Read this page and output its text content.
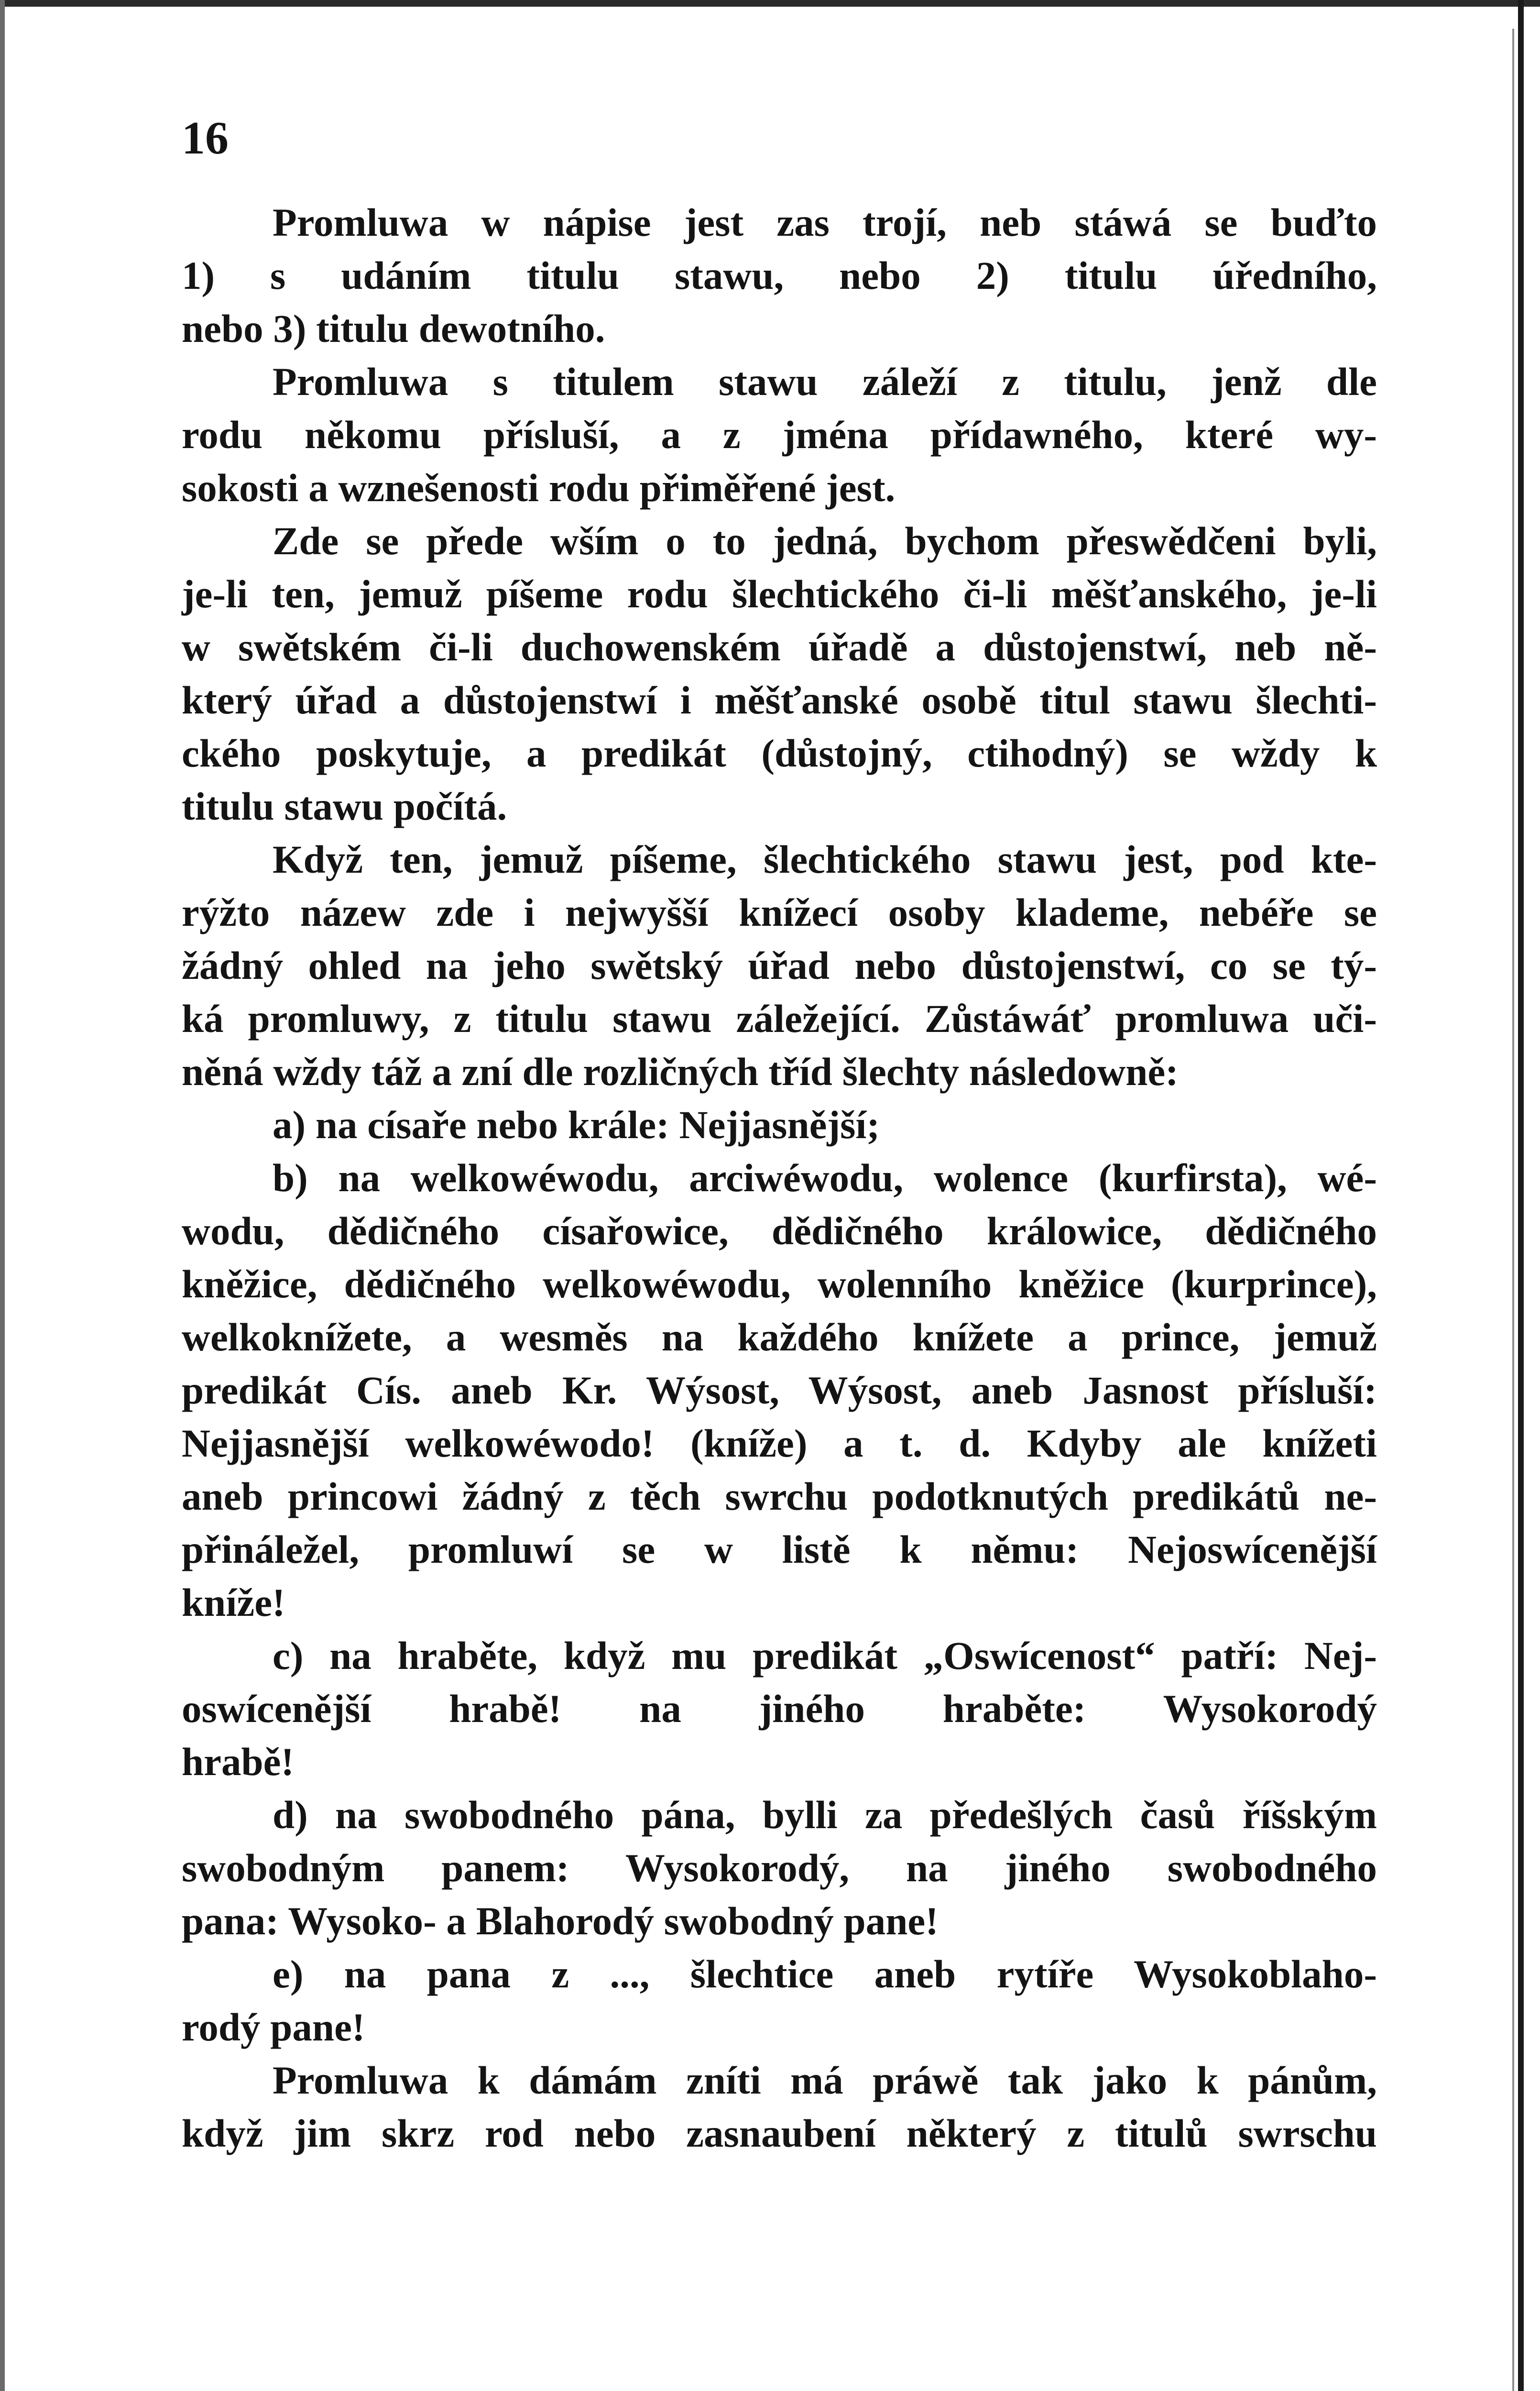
16
Promluwa w nápise jest zas trojí, neb stáwá se buďto
1) s udáním titulu stawu, nebo 2) titulu úředního,
nebo 3) titulu dewotního.
Promluwa s titulem stawu záleží z titulu, jenž dle
rodu někomu přísluší, a z jména přídawného, které wy-
sokosti a wznešenosti rodu přiměřené jest.
Zde se přede wším o to jedná, bychom přeswědčeni byli,
je-li ten, jemuž píšeme rodu šlechtického či-li měšťanského, je-li
w swětském či-li duchowenském úřadě a důstojenstwí, neb ně-
který úřad a důstojenstwí i měšťanské osobě titul stawu šlechti-
ckého poskytuje, a predikát (důstojný, ctihodný) se wždy k
titulu stawu počítá.
Když ten, jemuž píšeme, šlechtického stawu jest, pod kte-
rýžto názew zde i nejwyšší knížecí osoby klademe, nebéře se
žádný ohled na jeho swětský úřad nebo důstojenstwí, co se tý-
ká promluwy, z titulu stawu záležející. Zůstáwáť promluwa uči-
něná wždy táž a zní dle rozličných tříd šlechty následowně:
a) na císaře nebo krále: Nejjasnější;
b) na welkowéwodu, arciwéwodu, wolence (kurfirsta), wé-
wodu, dědičného císařowice, dědičného králowice, dědičného
kněžice, dědičného welkowéwodu, wolenního kněžice (kurprince),
welkoknížete, a wesměs na každého knížete a prince, jemuž
predikát Cís. aneb Kr. Wýsost, Wýsost, aneb Jasnost přísluší:
Nejjasnější welkowéwodo! (kníže) a t. d. Kdyby ale knížeti
aneb princowi žádný z těch swrchu podotknutých predikátů ne-
přináležel, promluwí se w listě k němu: Nejoswícenější
kníže!
c) na hraběte, když mu predikát „Oswícenost“ patří: Nej-
oswícenější hrabě! na jiného hraběte: Wysokorodý
hrabě!
d) na swobodného pána, bylli za předešlých časů říšským
swobodným panem: Wysokorodý, na jiného swobodného
pana: Wysoko- a Blahorodý swobodný pane!
e) na pana z ..., šlechtice aneb rytíře Wysokoblaho-
rodý pane!
Promluwa k dámám zníti má práwě tak jako k pánům,
když jim skrz rod nebo zasnaubení některý z titulů swrschu
